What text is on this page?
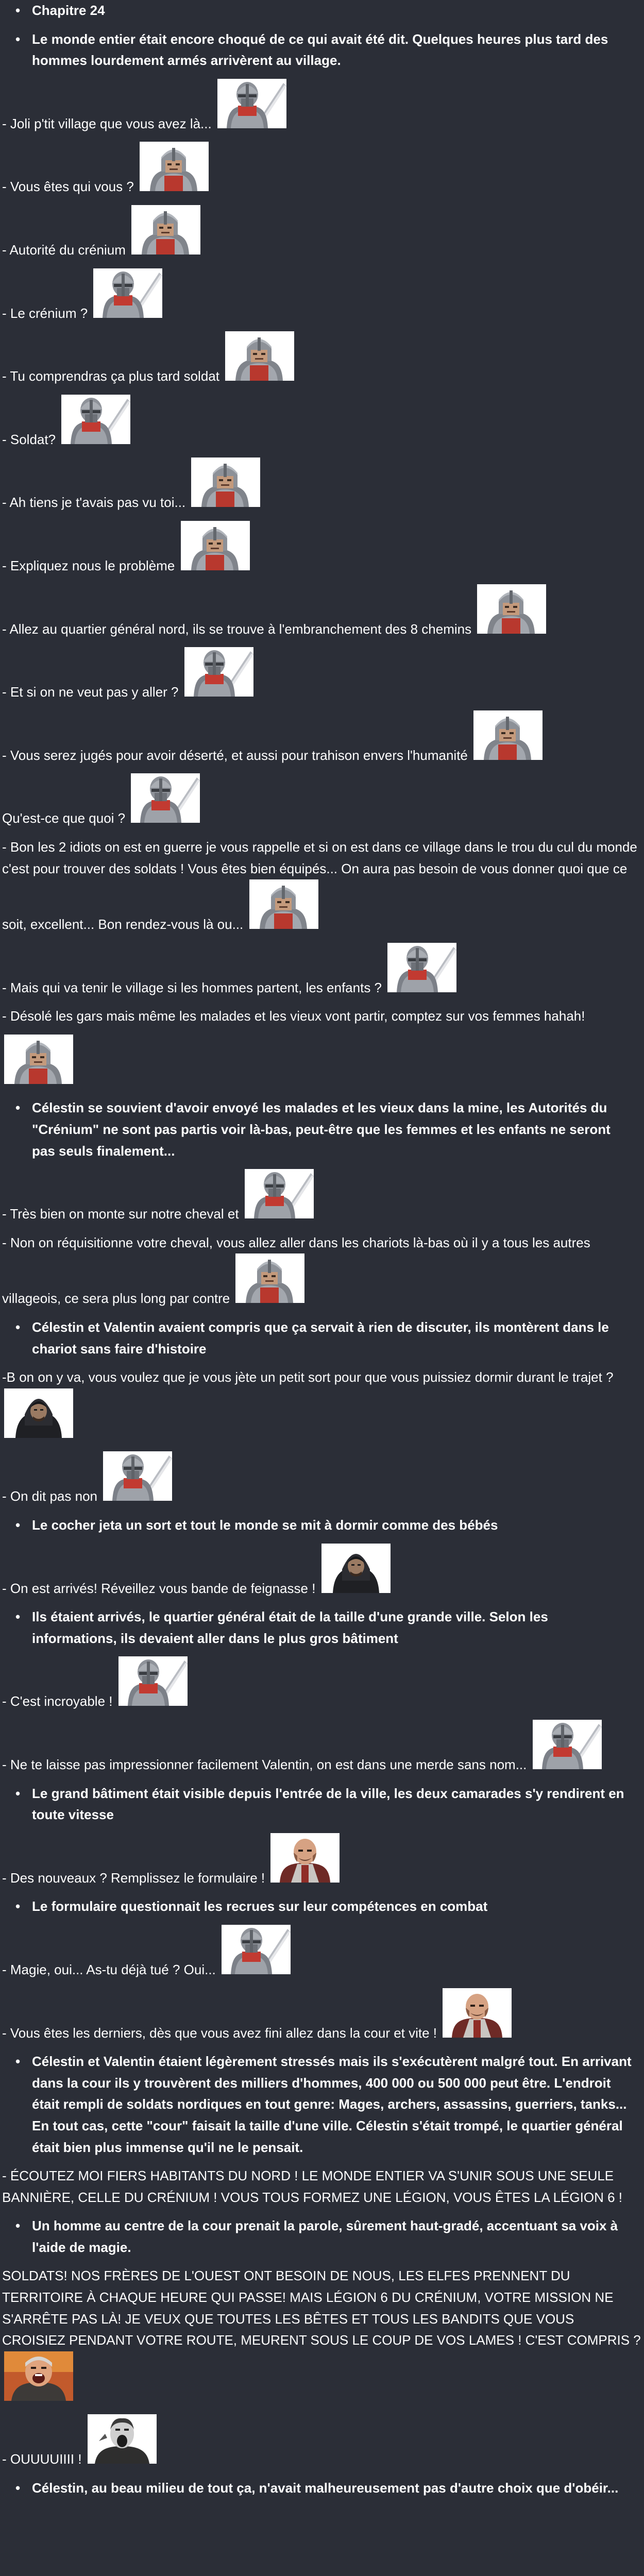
• Chapitre 24
• Le monde entier était encore choqué de ce qui avait été dit. Quelques heures plus tard des hommes lourdement armés arrivèrent au village.
- Joli p'tit village que vous avez là...
- Vous êtes qui vous ?
- Autorité du crénium
- Le crénium ?
- Tu comprendras ça plus tard soldat
- Soldat?
- Ah tiens je t'avais pas vu toi...
- Expliquez nous le problème
- Allez au quartier général nord, ils se trouve à l'embranchement des 8 chemins
- Et si on ne veut pas y aller ?
- Vous serez jugés pour avoir déserté, et aussi pour trahison envers l'humanité
Qu'est-ce que quoi ?
- Bon les 2 idiots on est en guerre je vous rappelle et si on est dans ce village dans le trou du cul du monde c'est pour trouver des soldats ! Vous êtes bien équipés... On aura pas besoin de vous donner quoi que ce soit, excellent... Bon rendez-vous là ou...
- Mais qui va tenir le village si les hommes partent, les enfants ?
- Désolé les gars mais même les malades et les vieux vont partir, comptez sur vos femmes hahah!
• Célestin se souvient d'avoir envoyé les malades et les vieux dans la mine, les Autorités du "Crénium" ne sont pas partis voir là-bas, peut-être que les femmes et les enfants ne seront pas seuls finalement...
- Très bien on monte sur notre cheval et
- Non on réquisitionne votre cheval, vous allez aller dans les chariots là-bas où il y a tous les autres villageois, ce sera plus long par contre
• Célestin et Valentin avaient compris que ça servait à rien de discuter, ils montèrent dans le chariot sans faire d'histoire
-B on on y va, vous voulez que je vous jète un petit sort pour que vous puissiez dormir durant le trajet ?
- On dit pas non
• Le cocher jeta un sort et tout le monde se mit à dormir comme des bébés
- On est arrivés! Réveillez vous bande de feignasse !
• Ils étaient arrivés, le quartier général était de la taille d'une grande ville. Selon les informations, ils devaient aller dans le plus gros bâtiment
- C'est incroyable !
- Ne te laisse pas impressionner facilement Valentin, on est dans une merde sans nom...
• Le grand bâtiment était visible depuis l'entrée de la ville, les deux camarades s'y rendirent en toute vitesse
- Des nouveaux ? Remplissez le formulaire !
• Le formulaire questionnait les recrues sur leur compétences en combat
- Magie, oui... As-tu déjà tué ? Oui...
- Vous êtes les derniers, dès que vous avez fini allez dans la cour et vite !
• Célestin et Valentin étaient légèrement stressés mais ils s'exécutèrent malgré tout. En arrivant dans la cour ils y trouvèrent des milliers d'hommes, 400 000 ou 500 000 peut être. L'endroit était rempli de soldats nordiques en tout genre: Mages, archers, assassins, guerriers, tanks... En tout cas, cette "cour" faisait la taille d'une ville. Célestin s'était trompé, le quartier général était bien plus immense qu'il ne le pensait.
- ÉCOUTEZ MOI FIERS HABITANTS DU NORD ! LE MONDE ENTIER VA S'UNIR SOUS UNE SEULE BANNIÈRE, CELLE DU CRÉNIUM ! VOUS TOUS FORMEZ UNE LÉGION, VOUS ÊTES LA LÉGION 6 !
• Un homme au centre de la cour prenait la parole, sûrement haut-gradé, accentuant sa voix à l'aide de magie.
SOLDATS! NOS FRÈRES DE L'OUEST ONT BESOIN DE NOUS, LES ELFES PRENNENT DU TERRITOIRE À CHAQUE HEURE QUI PASSE! MAIS LÉGION 6 DU CRÉNIUM, VOTRE MISSION NE S'ARRÊTE PAS LÀ! JE VEUX QUE TOUTES LES BÊTES ET TOUS LES BANDITS QUE VOUS CROISIEZ PENDANT VOTRE ROUTE, MEURENT SOUS LE COUP DE VOS LAMES ! C'EST COMPRIS ?
- OUUUUIIII !
• Célestin, au beau milieu de tout ça, n'avait malheureusement pas d'autre choix que d'obéir...
